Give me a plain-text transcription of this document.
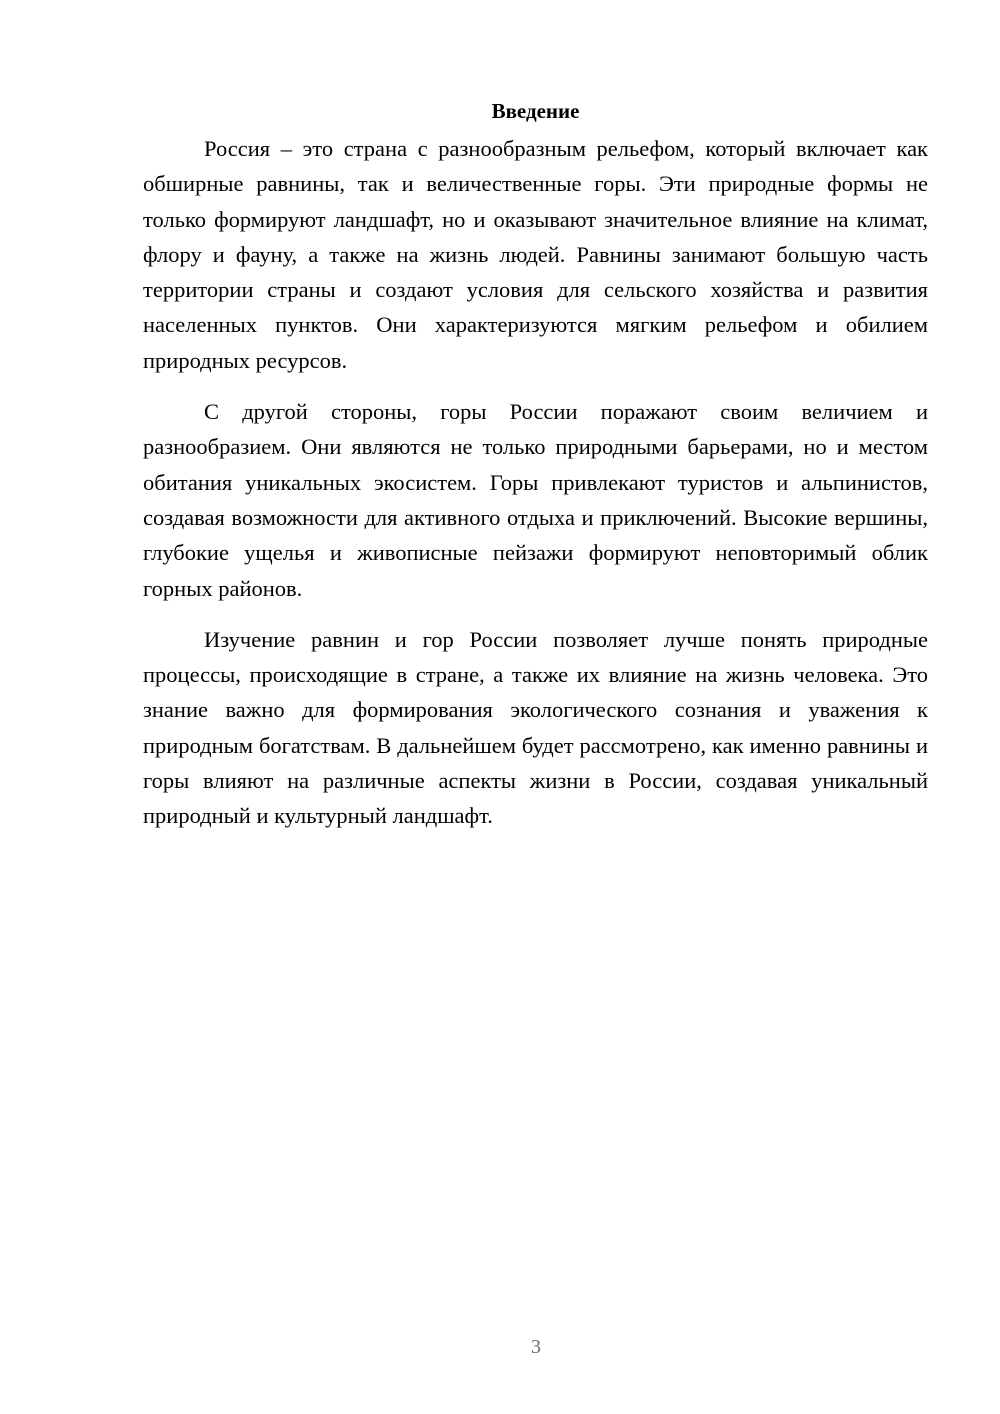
Введение

Россия – это страна с разнообразным рельефом, который включает как обширные равнины, так и величественные горы. Эти природные формы не только формируют ландшафт, но и оказывают значительное влияние на климат, флору и фауну, а также на жизнь людей. Равнины занимают большую часть территории страны и создают условия для сельского хозяйства и развития населенных пунктов. Они характеризуются мягким рельефом и обилием природных ресурсов.

С другой стороны, горы России поражают своим величием и разнообразием. Они являются не только природными барьерами, но и местом обитания уникальных экосистем. Горы привлекают туристов и альпинистов, создавая возможности для активного отдыха и приключений. Высокие вершины, глубокие ущелья и живописные пейзажи формируют неповторимый облик горных районов.

Изучение равнин и гор России позволяет лучше понять природные процессы, происходящие в стране, а также их влияние на жизнь человека. Это знание важно для формирования экологического сознания и уважения к природным богатствам. В дальнейшем будет рассмотрено, как именно равнины и горы влияют на различные аспекты жизни в России, создавая уникальный природный и культурный ландшафт.

3
